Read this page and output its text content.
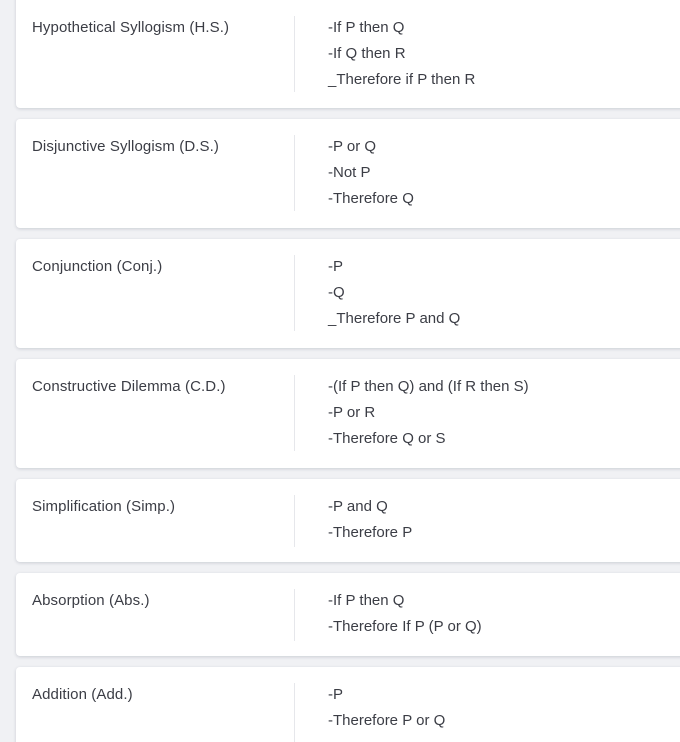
Hypothetical Syllogism (H.S.)	-If P then Q
-If Q then R
_Therefore if P then R
Disjunctive Syllogism (D.S.)	-P or Q
-Not P
-Therefore Q
Conjunction (Conj.)	-P
-Q
_Therefore P and Q
Constructive Dilemma (C.D.)	-(If P then Q) and (If R then S)
-P or R
-Therefore Q or S
Simplification (Simp.)	-P and Q
-Therefore P
Absorption (Abs.)	-If P then Q
-Therefore If P (P or Q)
Addition (Add.)	-P
-Therefore P or Q
